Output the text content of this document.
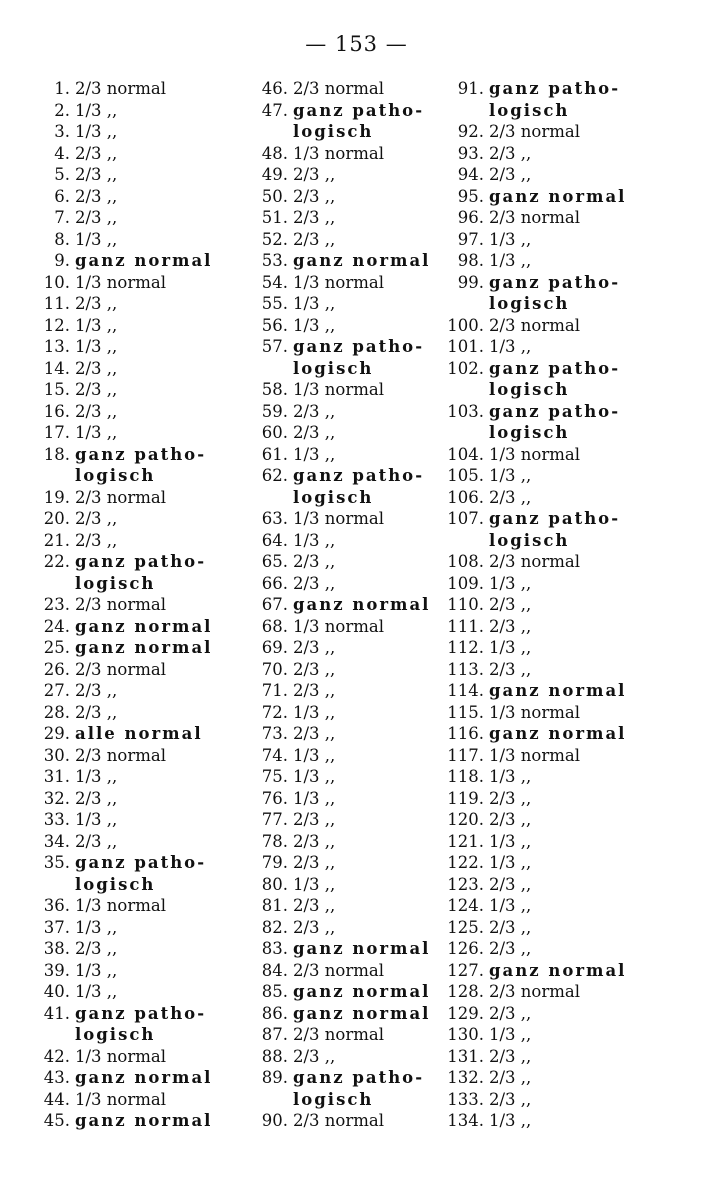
— 153 —
1. 2/3 normal
2. 1/3 ,,
3. 1/3 ,,
4. 2/3 ,,
5. 2/3 ,,
6. 2/3 ,,
7. 2/3 ,,
8. 1/3 ,,
9. ganz normal
10. 1/3 normal
11. 2/3 ,,
12. 1/3 ,,
13. 1/3 ,,
14. 2/3 ,,
15. 2/3 ,,
16. 2/3 ,,
17. 1/3 ,,
18. ganz patho-
logisch
19. 2/3 normal
20. 2/3 ,,
21. 2/3 ,,
22. ganz patho-
logisch
23. 2/3 normal
24. ganz normal
25. ganz normal
26. 2/3 normal
27. 2/3 ,,
28. 2/3 ,,
29. alle normal
30. 2/3 normal
31. 1/3 ,,
32. 2/3 ,,
33. 1/3 ,,
34. 2/3 ,,
35. ganz patho-
logisch
36. 1/3 normal
37. 1/3 ,,
38. 2/3 ,,
39. 1/3 ,,
40. 1/3 ,,
41. ganz patho-
logisch
42. 1/3 normal
43. ganz normal
44. 1/3 normal
45. ganz normal
46. 2/3 normal
47. ganz patho-
logisch
48. 1/3 normal
49. 2/3 ,,
50. 2/3 ,,
51. 2/3 ,,
52. 2/3 ,,
53. ganz normal
54. 1/3 normal
55. 1/3 ,,
56. 1/3 ,,
57. ganz patho-
logisch
58. 1/3 normal
59. 2/3 ,,
60. 2/3 ,,
61. 1/3 ,,
62. ganz patho-
logisch
63. 1/3 normal
64. 1/3 ,,
65. 2/3 ,,
66. 2/3 ,,
67. ganz normal
68. 1/3 normal
69. 2/3 ,,
70. 2/3 ,,
71. 2/3 ,,
72. 1/3 ,,
73. 2/3 ,,
74. 1/3 ,,
75. 1/3 ,,
76. 1/3 ,,
77. 2/3 ,,
78. 2/3 ,,
79. 2/3 ,,
80. 1/3 ,,
81. 2/3 ,,
82. 2/3 ,,
83. ganz normal
84. 2/3 normal
85. ganz normal
86. ganz normal
87. 2/3 normal
88. 2/3 ,,
89. ganz patho-
logisch
90. 2/3 normal
91. ganz patho-
logisch
92. 2/3 normal
93. 2/3 ,,
94. 2/3 ,,
95. ganz normal
96. 2/3 normal
97. 1/3 ,,
98. 1/3 ,,
99. ganz patho-
logisch
100. 2/3 normal
101. 1/3 ,,
102. ganz patho-
logisch
103. ganz patho-
logisch
104. 1/3 normal
105. 1/3 ,,
106. 2/3 ,,
107. ganz patho-
logisch
108. 2/3 normal
109. 1/3 ,,
110. 2/3 ,,
111. 2/3 ,,
112. 1/3 ,,
113. 2/3 ,,
114. ganz normal
115. 1/3 normal
116. ganz normal
117. 1/3 normal
118. 1/3 ,,
119. 2/3 ,,
120. 2/3 ,,
121. 1/3 ,,
122. 1/3 ,,
123. 2/3 ,,
124. 1/3 ,,
125. 2/3 ,,
126. 2/3 ,,
127. ganz normal
128. 2/3 normal
129. 2/3 ,,
130. 1/3 ,,
131. 2/3 ,,
132. 2/3 ,,
133. 2/3 ,,
134. 1/3 ,,
